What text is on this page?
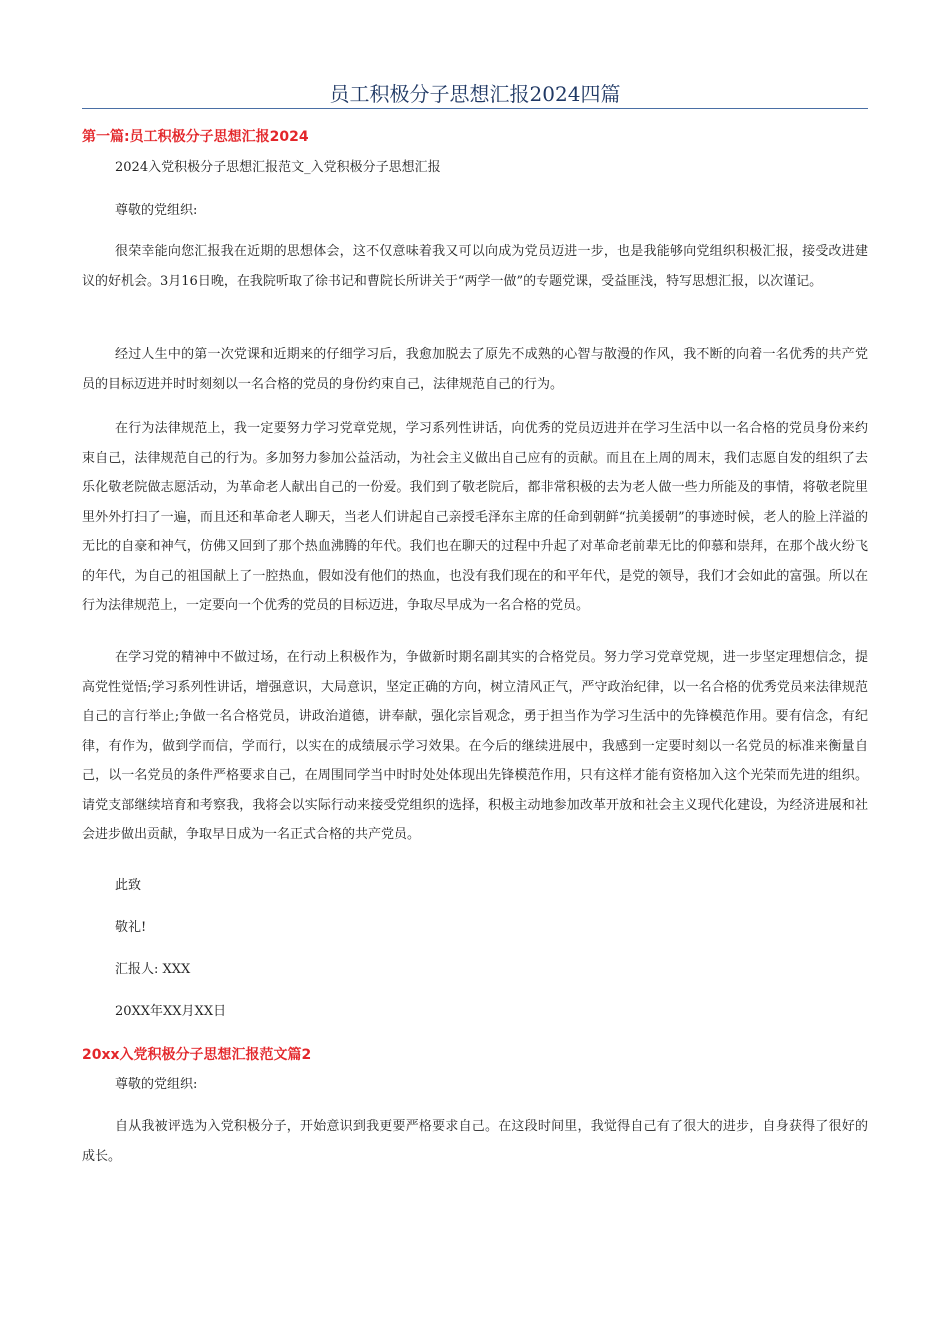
员工积极分子思想汇报2024四篇
第一篇:员工积极分子思想汇报2024

2024入党积极分子思想汇报范文_入党积极分子思想汇报

尊敬的党组织:

很荣幸能向您汇报我在近期的思想体会，这不仅意味着我又可以向成为党员迈进一步，也是我能够向党组织积极汇报，接受改进建议的好机会。3月16日晚，在我院听取了徐书记和曹院长所讲关于“两学一做”的专题党课，受益匪浅，特写思想汇报，以次谨记。

经过人生中的第一次党课和近期来的仔细学习后，我愈加脱去了原先不成熟的心智与散漫的作风，我不断的向着一名优秀的共产党员的目标迈进并时时刻刻以一名合格的党员的身份约束自己，法律规范自己的行为。

在行为法律规范上，我一定要努力学习党章党规，学习系列性讲话，向优秀的党员迈进并在学习生活中以一名合格的党员身份来约束自己，法律规范自己的行为。多加努力参加公益活动，为社会主义做出自己应有的贡献。而且在上周的周末，我们志愿自发的组织了去乐化敬老院做志愿活动，为革命老人献出自己的一份爱。我们到了敬老院后，都非常积极的去为老人做一些力所能及的事情，将敬老院里里外外打扫了一遍，而且还和革命老人聊天，当老人们讲起自己亲授毛泽东主席的任命到朝鲜“抗美援朝”的事迹时候，老人的脸上洋溢的无比的自豪和神气，仿佛又回到了那个热血沸腾的年代。我们也在聊天的过程中升起了对革命老前辈无比的仰慕和崇拜，在那个战火纷飞的年代，为自己的祖国献上了一腔热血，假如没有他们的热血，也没有我们现在的和平年代，是党的领导，我们才会如此的富强。所以在行为法律规范上，一定要向一个优秀的党员的目标迈进，争取尽早成为一名合格的党员。

在学习党的精神中不做过场，在行动上积极作为，争做新时期名副其实的合格党员。努力学习党章党规，进一步坚定理想信念，提高党性觉悟;学习系列性讲话，增强意识，大局意识，坚定正确的方向，树立清风正气，严守政治纪律，以一名合格的优秀党员来法律规范自己的言行举止;争做一名合格党员，讲政治道德，讲奉献，强化宗旨观念，勇于担当作为学习生活中的先锋模范作用。要有信念，有纪律，有作为，做到学而信，学而行，以实在的成绩展示学习效果。在今后的继续进展中，我感到一定要时刻以一名党员的标准来衡量自己，以一名党员的条件严格要求自己，在周围同学当中时时处处体现出先锋模范作用，只有这样才能有资格加入这个光荣而先进的组织。请党支部继续培育和考察我，我将会以实际行动来接受党组织的选择，积极主动地参加改革开放和社会主义现代化建设，为经济进展和社会进步做出贡献，争取早日成为一名正式合格的共产党员。

此致

敬礼!

汇报人: XXX

20XX年XX月XX日

20xx入党积极分子思想汇报范文篇2

尊敬的党组织:

自从我被评选为入党积极分子，开始意识到我更要严格要求自己。在这段时间里，我觉得自己有了很大的进步，自身获得了很好的成长。
